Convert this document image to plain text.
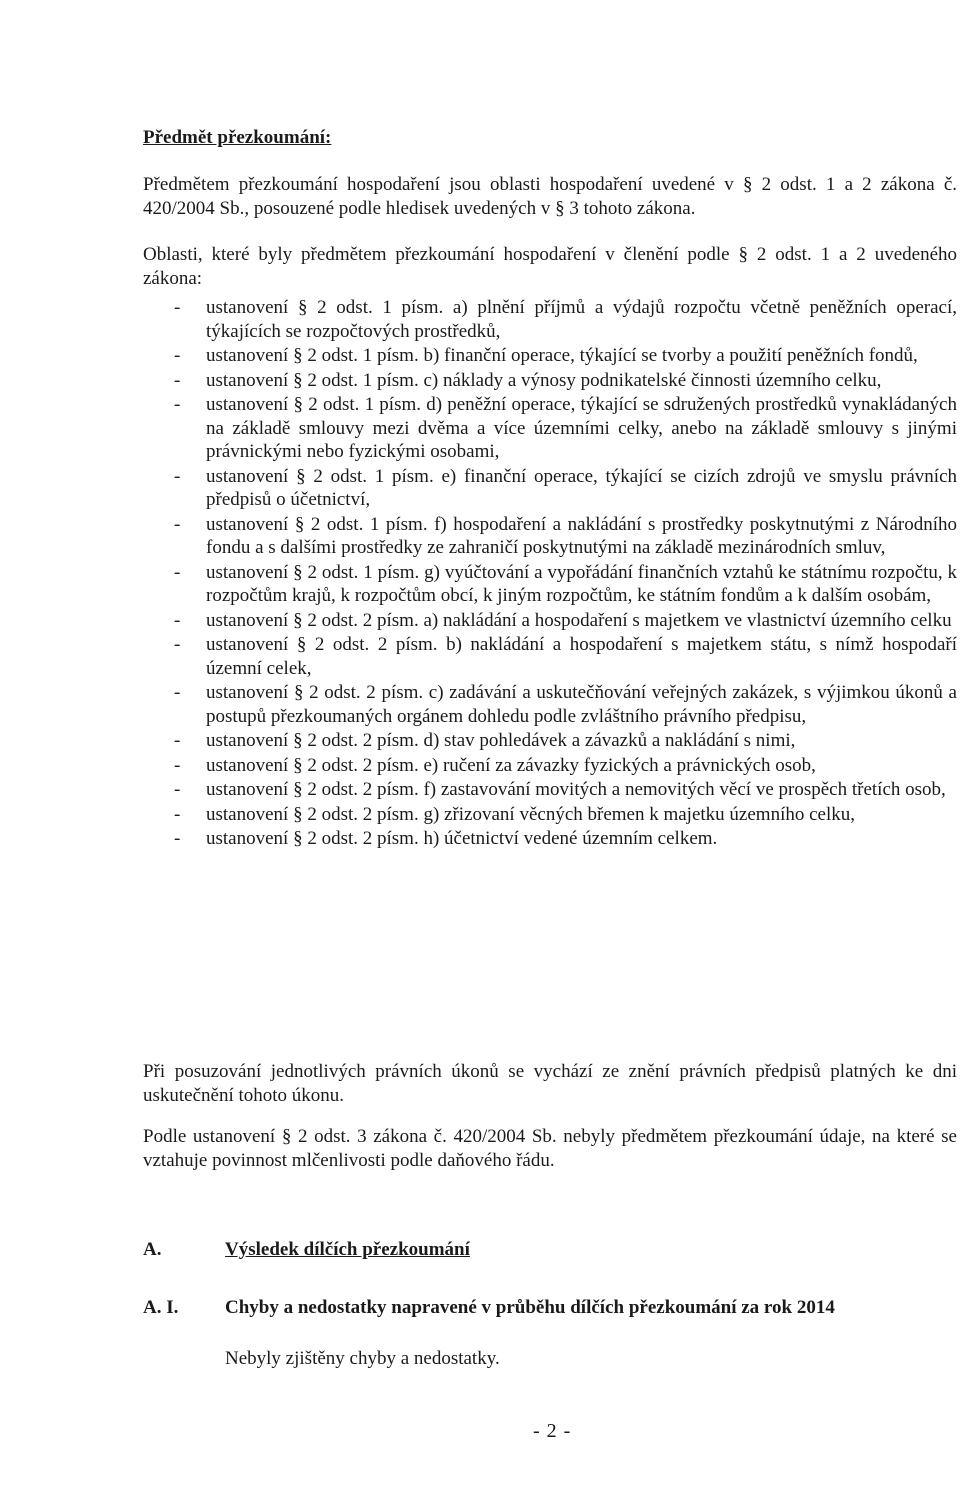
Předmět přezkoumání:
Předmětem přezkoumání hospodaření jsou oblasti hospodaření uvedené v § 2 odst. 1 a 2 zákona č. 420/2004 Sb., posouzené podle hledisek uvedených v § 3 tohoto zákona.
Oblasti, které byly předmětem přezkoumání hospodaření v členění podle § 2 odst. 1 a 2 uvedeného zákona:
- ustanovení § 2 odst. 1 písm. a) plnění příjmů a výdajů rozpočtu včetně peněžních operací, týkajících se rozpočtových prostředků,
- ustanovení § 2 odst. 1 písm. b) finanční operace, týkající se tvorby a použití peněžních fondů,
- ustanovení § 2 odst. 1 písm. c) náklady a výnosy podnikatelské činnosti územního celku,
- ustanovení § 2 odst. 1 písm. d) peněžní operace, týkající se sdružených prostředků vynakládaných na základě smlouvy mezi dvěma a více územními celky, anebo na základě smlouvy s jinými právnickými nebo fyzickými osobami,
- ustanovení § 2 odst. 1 písm. e) finanční operace, týkající se cizích zdrojů ve smyslu právních předpisů o účetnictví,
- ustanovení § 2 odst. 1 písm. f) hospodaření a nakládání s prostředky poskytnutými z Národního fondu a s dalšími prostředky ze zahraničí poskytnutými na základě mezinárodních smluv,
- ustanovení § 2 odst. 1 písm. g) vyúčtování a vypořádání finančních vztahů ke státnímu rozpočtu, k rozpočtům krajů, k rozpočtům obcí, k jiným rozpočtům, ke státním fondům a k dalším osobám,
- ustanovení § 2 odst. 2 písm. a) nakládání a hospodaření s majetkem ve vlastnictví územního celku
- ustanovení § 2 odst. 2 písm. b) nakládání a hospodaření s majetkem státu, s nímž hospodaří územní celek,
- ustanovení § 2 odst. 2 písm. c) zadávání a uskutečňování veřejných zakázek, s výjimkou úkonů a postupů přezkoumaných orgánem dohledu podle zvláštního právního předpisu,
- ustanovení § 2 odst. 2 písm. d) stav pohledávek a závazků a nakládání s nimi,
- ustanovení § 2 odst. 2 písm. e) ručení za závazky fyzických a právnických osob,
- ustanovení § 2 odst. 2 písm. f) zastavování movitých a nemovitých věcí ve prospěch třetích osob,
- ustanovení § 2 odst. 2 písm. g) zřizovaní věcných břemen k majetku územního celku,
- ustanovení § 2 odst. 2 písm. h) účetnictví vedené územním celkem.
Při posuzování jednotlivých právních úkonů se vychází ze znění právních předpisů platných ke dni uskutečnění tohoto úkonu.
Podle ustanovení § 2 odst. 3 zákona č. 420/2004 Sb. nebyly předmětem přezkoumání údaje, na které se vztahuje povinnost mlčenlivosti podle daňového řádu.
A.	Výsledek dílčích přezkoumání
A. I.	Chyby a nedostatky napravené v průběhu dílčích přezkoumání za rok 2014
Nebyly zjištěny chyby a nedostatky.
- 2 -
